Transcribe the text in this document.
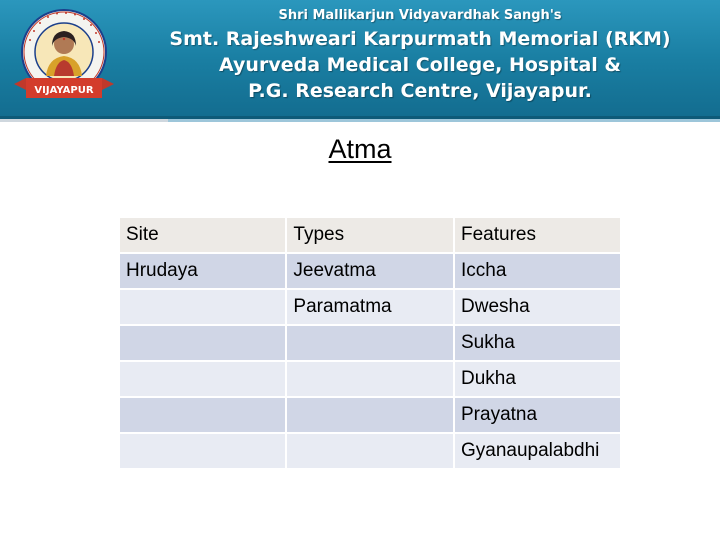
VIJAYAPUR
Shri Mallikarjun Vidyavardhak Sangh's
Smt. Rajeshweari Karpurmath Memorial (RKM)
Ayurveda Medical College, Hospital &
P.G. Research Centre, Vijayapur.
Atma
Site	Types	Features
Hrudaya	Jeevatma	Iccha
	Paramatma	Dwesha
		Sukha
		Dukha
		Prayatna
		Gyanaupalabdhi
